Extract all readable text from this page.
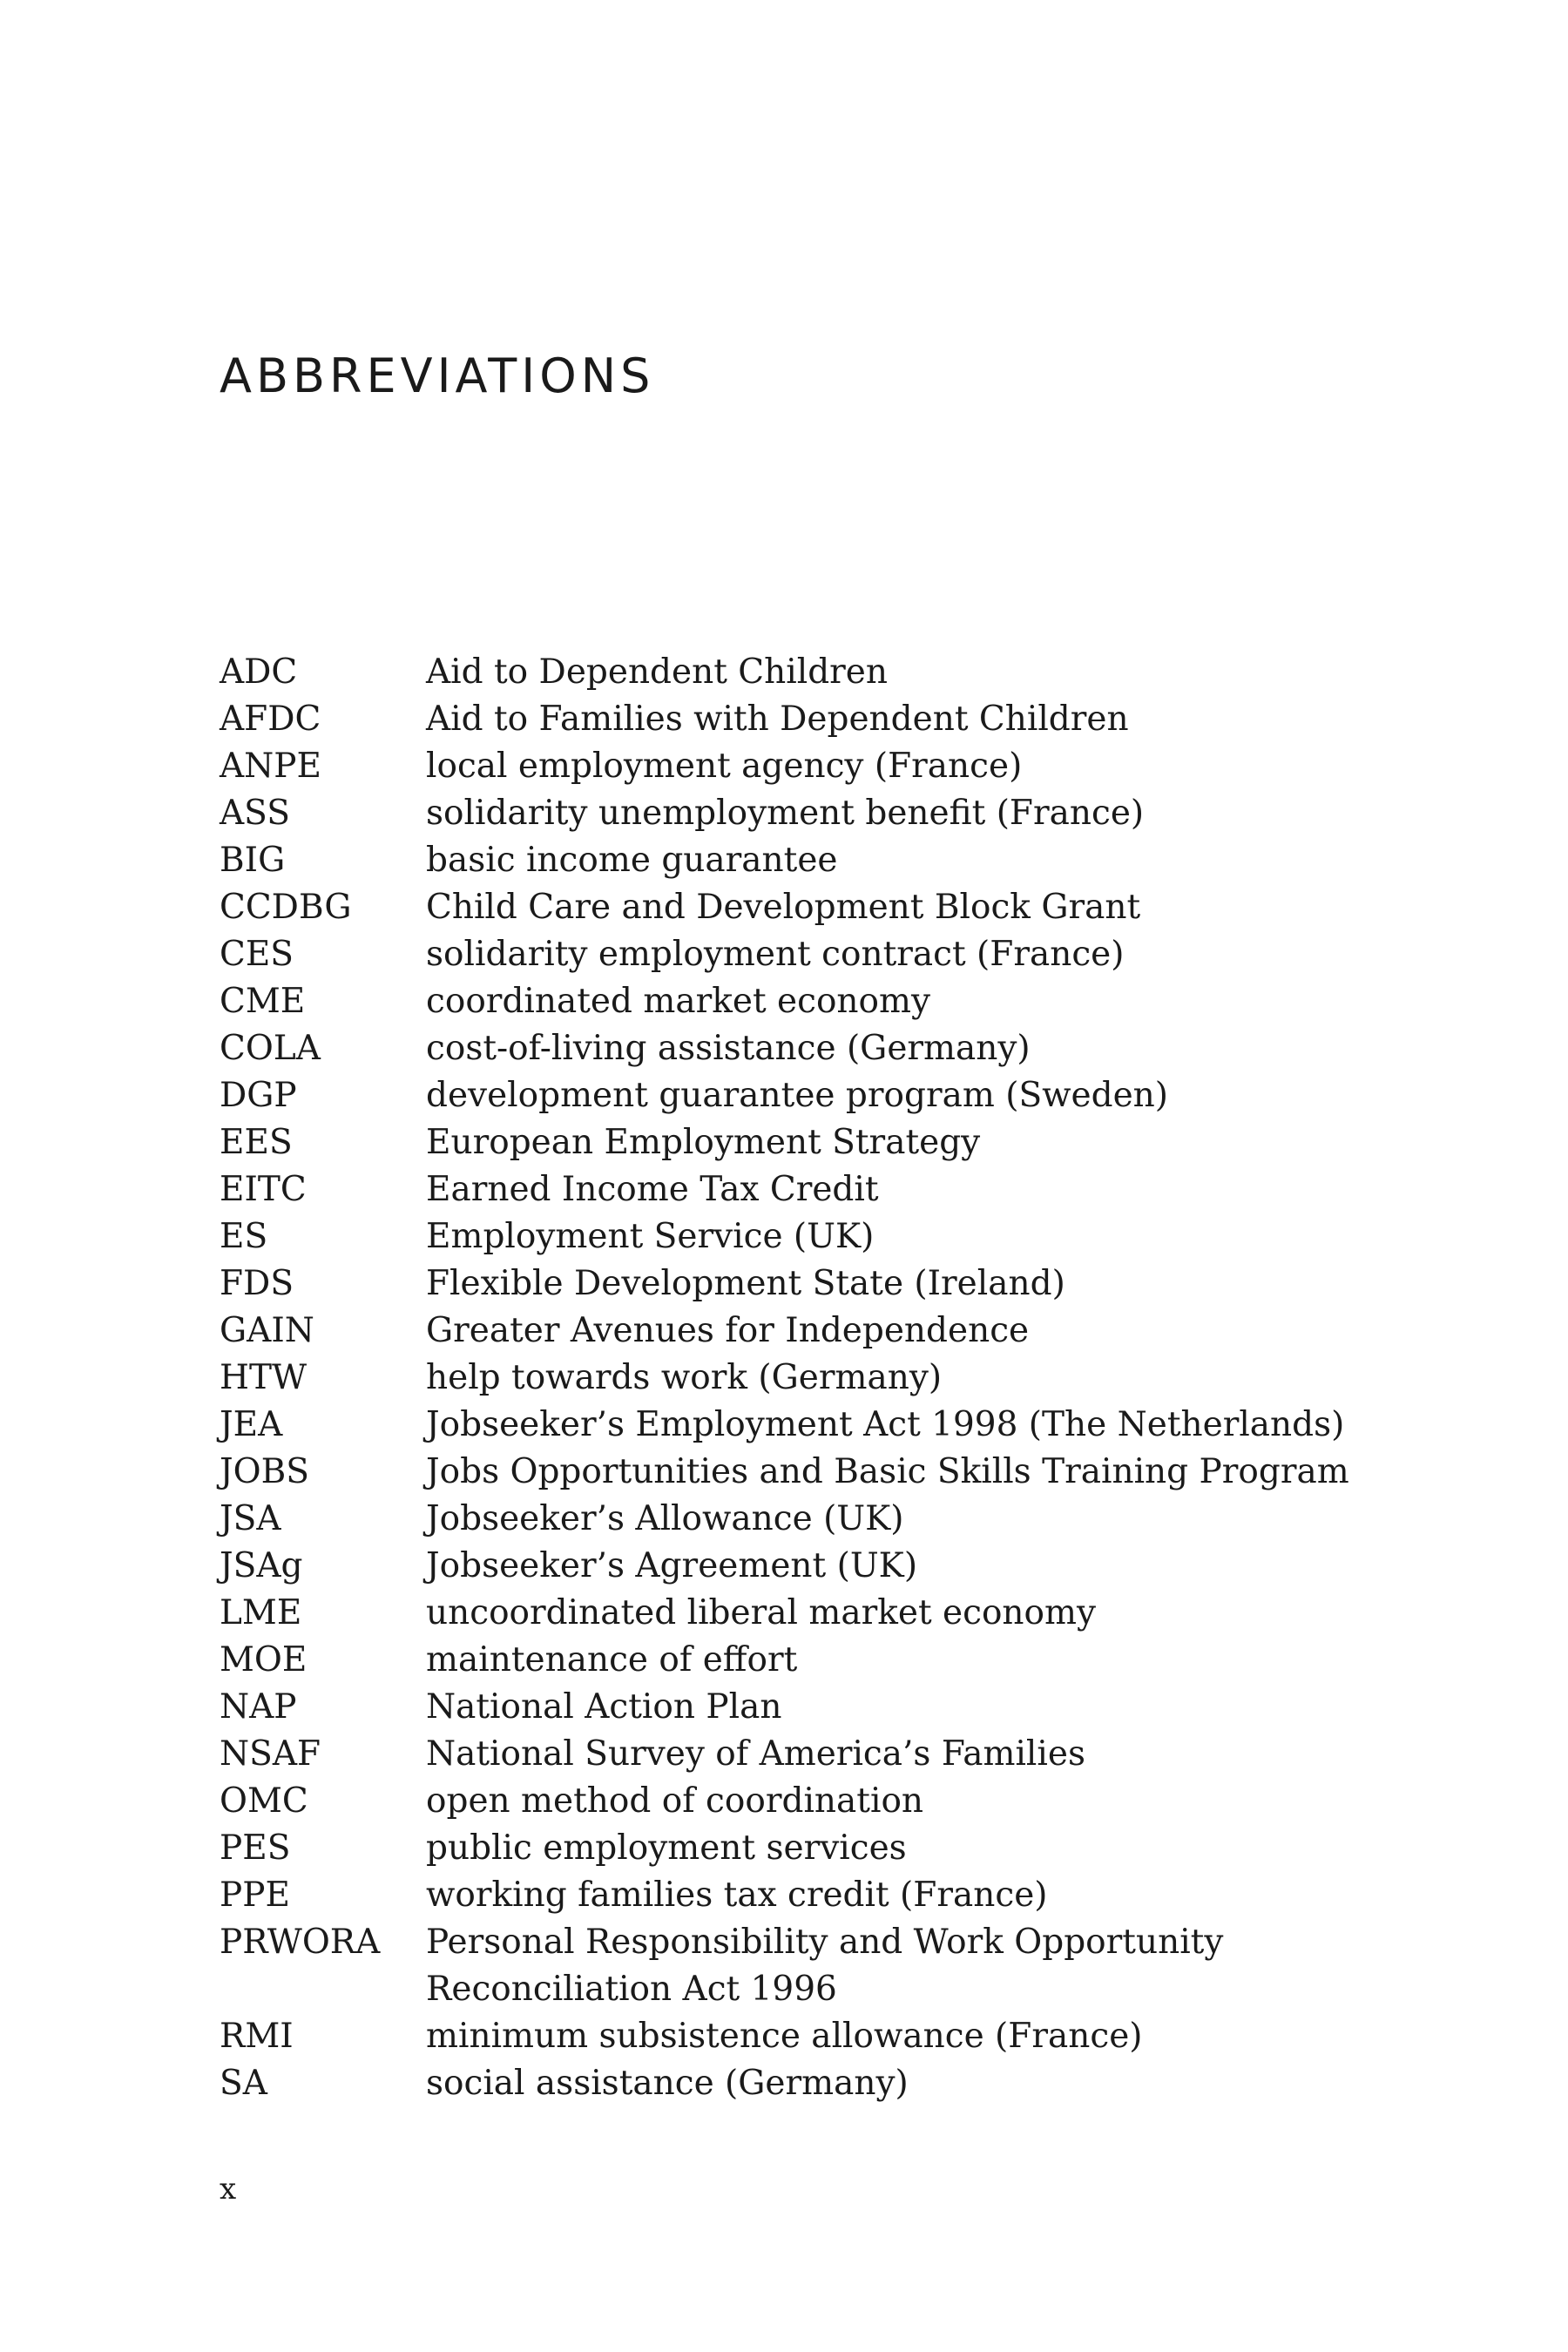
ABBREVIATIONS
ADC	Aid to Dependent Children
AFDC	Aid to Families with Dependent Children
ANPE	local employment agency (France)
ASS	solidarity unemployment benefit (France)
BIG	basic income guarantee
CCDBG	Child Care and Development Block Grant
CES	solidarity employment contract (France)
CME	coordinated market economy
COLA	cost-of-living assistance (Germany)
DGP	development guarantee program (Sweden)
EES	European Employment Strategy
EITC	Earned Income Tax Credit
ES	Employment Service (UK)
FDS	Flexible Development State (Ireland)
GAIN	Greater Avenues for Independence
HTW	help towards work (Germany)
JEA	Jobseeker’s Employment Act 1998 (The Netherlands)
JOBS	Jobs Opportunities and Basic Skills Training Program
JSA	Jobseeker’s Allowance (UK)
JSAg	Jobseeker’s Agreement (UK)
LME	uncoordinated liberal market economy
MOE	maintenance of effort
NAP	National Action Plan
NSAF	National Survey of America’s Families
OMC	open method of coordination
PES	public employment services
PPE	working families tax credit (France)
PRWORA	Personal Responsibility and Work Opportunity
Reconciliation Act 1996
RMI	minimum subsistence allowance (France)
SA	social assistance (Germany)
x
